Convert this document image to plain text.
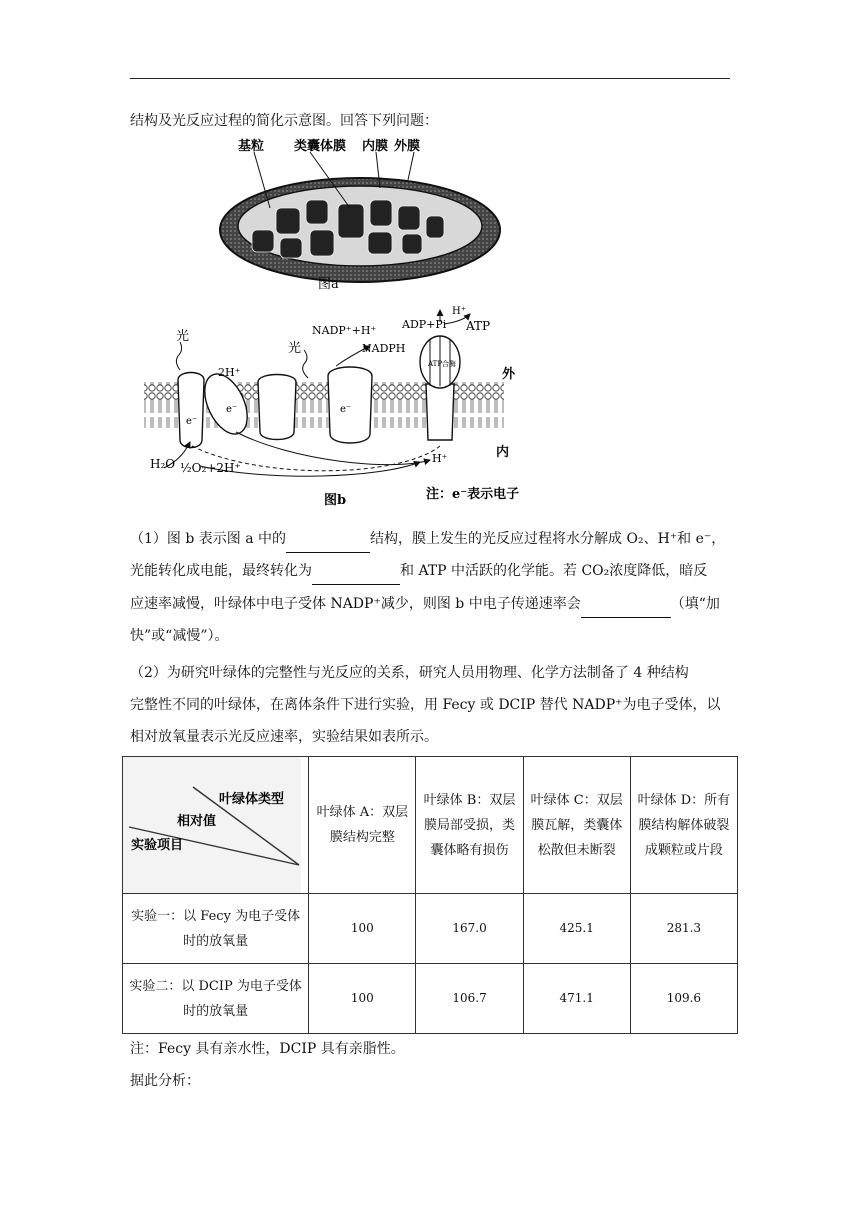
结构及光反应过程的简化示意图。回答下列问题：
基粒 类囊体膜 内膜 外膜
图a
光
光
2H⁺
NADP⁺+H⁺
NADPH
ADP+Pi
H⁺
ATP
ATP合酶
外
内
H⁺
H₂O ½O₂+2H⁺
e⁻
e⁻	e⁻
图b	注：e⁻表示电子
（1）图 b 表示图 a 中的	结构，膜上发生的光反应过程将水分解成 O₂、H⁺和 e⁻，
光能转化成电能，最终转化为	和 ATP 中活跃的化学能。若 CO₂浓度降低，暗反
应速率减慢，叶绿体中电子受体 NADP⁺减少，则图 b 中电子传递速率会	（填“加
快”或“减慢”）。
（2）为研究叶绿体的完整性与光反应的关系，研究人员用物理、化学方法制备了 4 种结构
完整性不同的叶绿体，在离体条件下进行实验，用 Fecy 或 DCIP 替代 NADP⁺为电子受体，以
相对放氧量表示光反应速率，实验结果如表所示。
叶绿体类型
相对值
实验项目	叶绿体 A：双层膜结构完整	叶绿体 B：双层膜局部受损，类囊体略有损伤	叶绿体 C：双层膜瓦解，类囊体松散但未断裂	叶绿体 D：所有膜结构解体破裂成颗粒或片段
实验一：以 Fecy 为电子受体时的放氧量	100	167.0	425.1	281.3
实验二：以 DCIP 为电子受体时的放氧量	100	106.7	471.1	109.6
注：Fecy 具有亲水性，DCIP 具有亲脂性。
据此分析：
